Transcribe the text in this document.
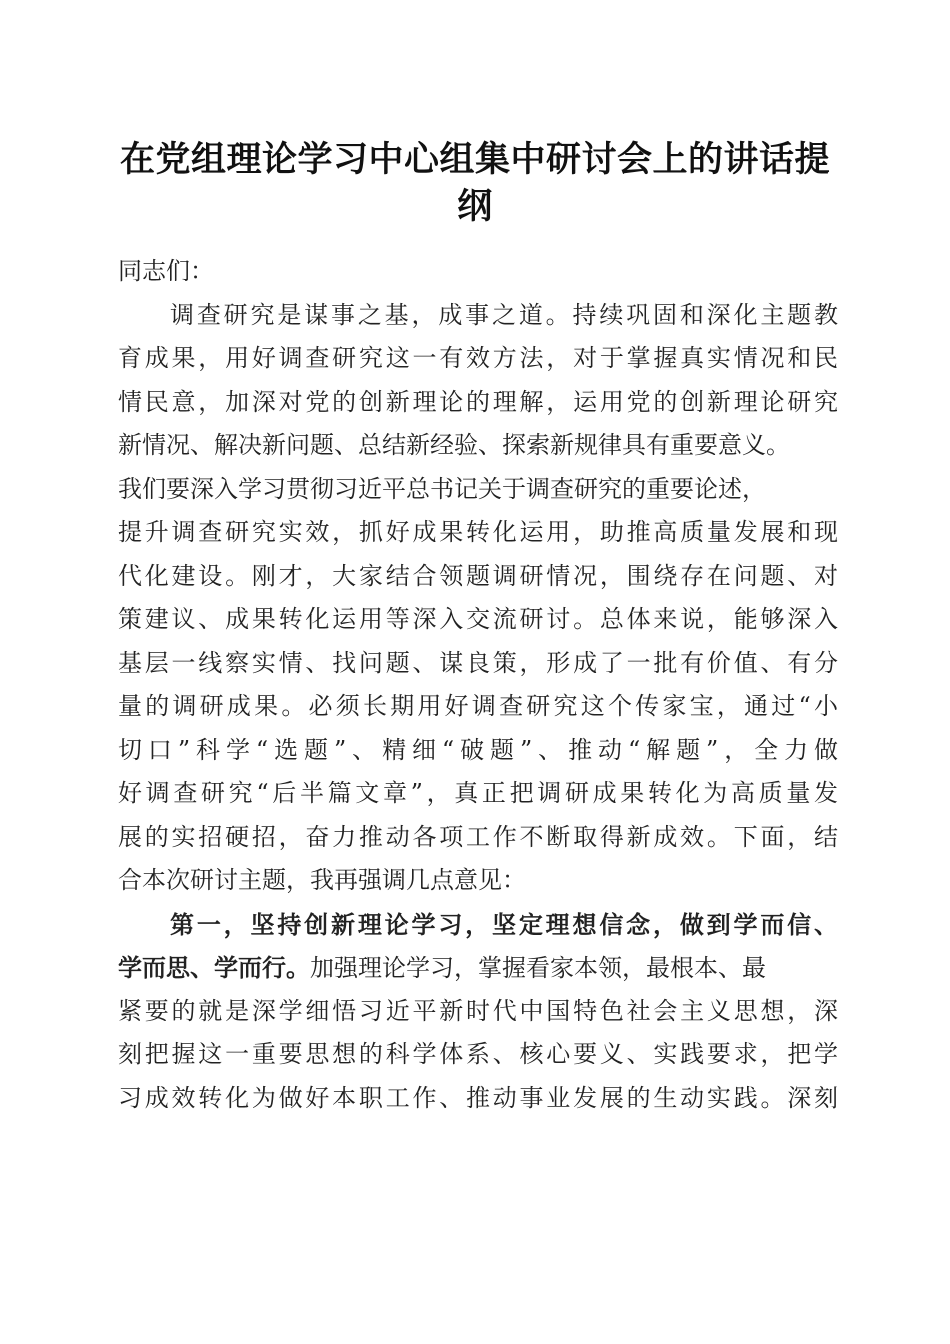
在党组理论学习中心组集中研讨会上的讲话提
纲
同志们：
调查研究是谋事之基，成事之道。持续巩固和深化主题教
育成果，用好调查研究这一有效方法，对于掌握真实情况和民
情民意，加深对党的创新理论的理解，运用党的创新理论研究
新情况、解决新问题、总结新经验、探索新规律具有重要意义。
我们要深入学习贯彻习近平总书记关于调查研究的重要论述，
提升调查研究实效，抓好成果转化运用，助推高质量发展和现
代化建设。刚才，大家结合领题调研情况，围绕存在问题、对
策建议、成果转化运用等深入交流研讨。总体来说，能够深入
基层一线察实情、找问题、谋良策，形成了一批有价值、有分
量的调研成果。必须长期用好调查研究这个传家宝，通过“小
切口”科学“选题”、精细“破题”、推动“解题”，全力做
好调查研究“后半篇文章”，真正把调研成果转化为高质量发
展的实招硬招，奋力推动各项工作不断取得新成效。下面，结
合本次研讨主题，我再强调几点意见：
第一，坚持创新理论学习，坚定理想信念，做到学而信、
学而思、学而行。加强理论学习，掌握看家本领，最根本、最
紧要的就是深学细悟习近平新时代中国特色社会主义思想，深
刻把握这一重要思想的科学体系、核心要义、实践要求，把学
习成效转化为做好本职工作、推动事业发展的生动实践。深刻
